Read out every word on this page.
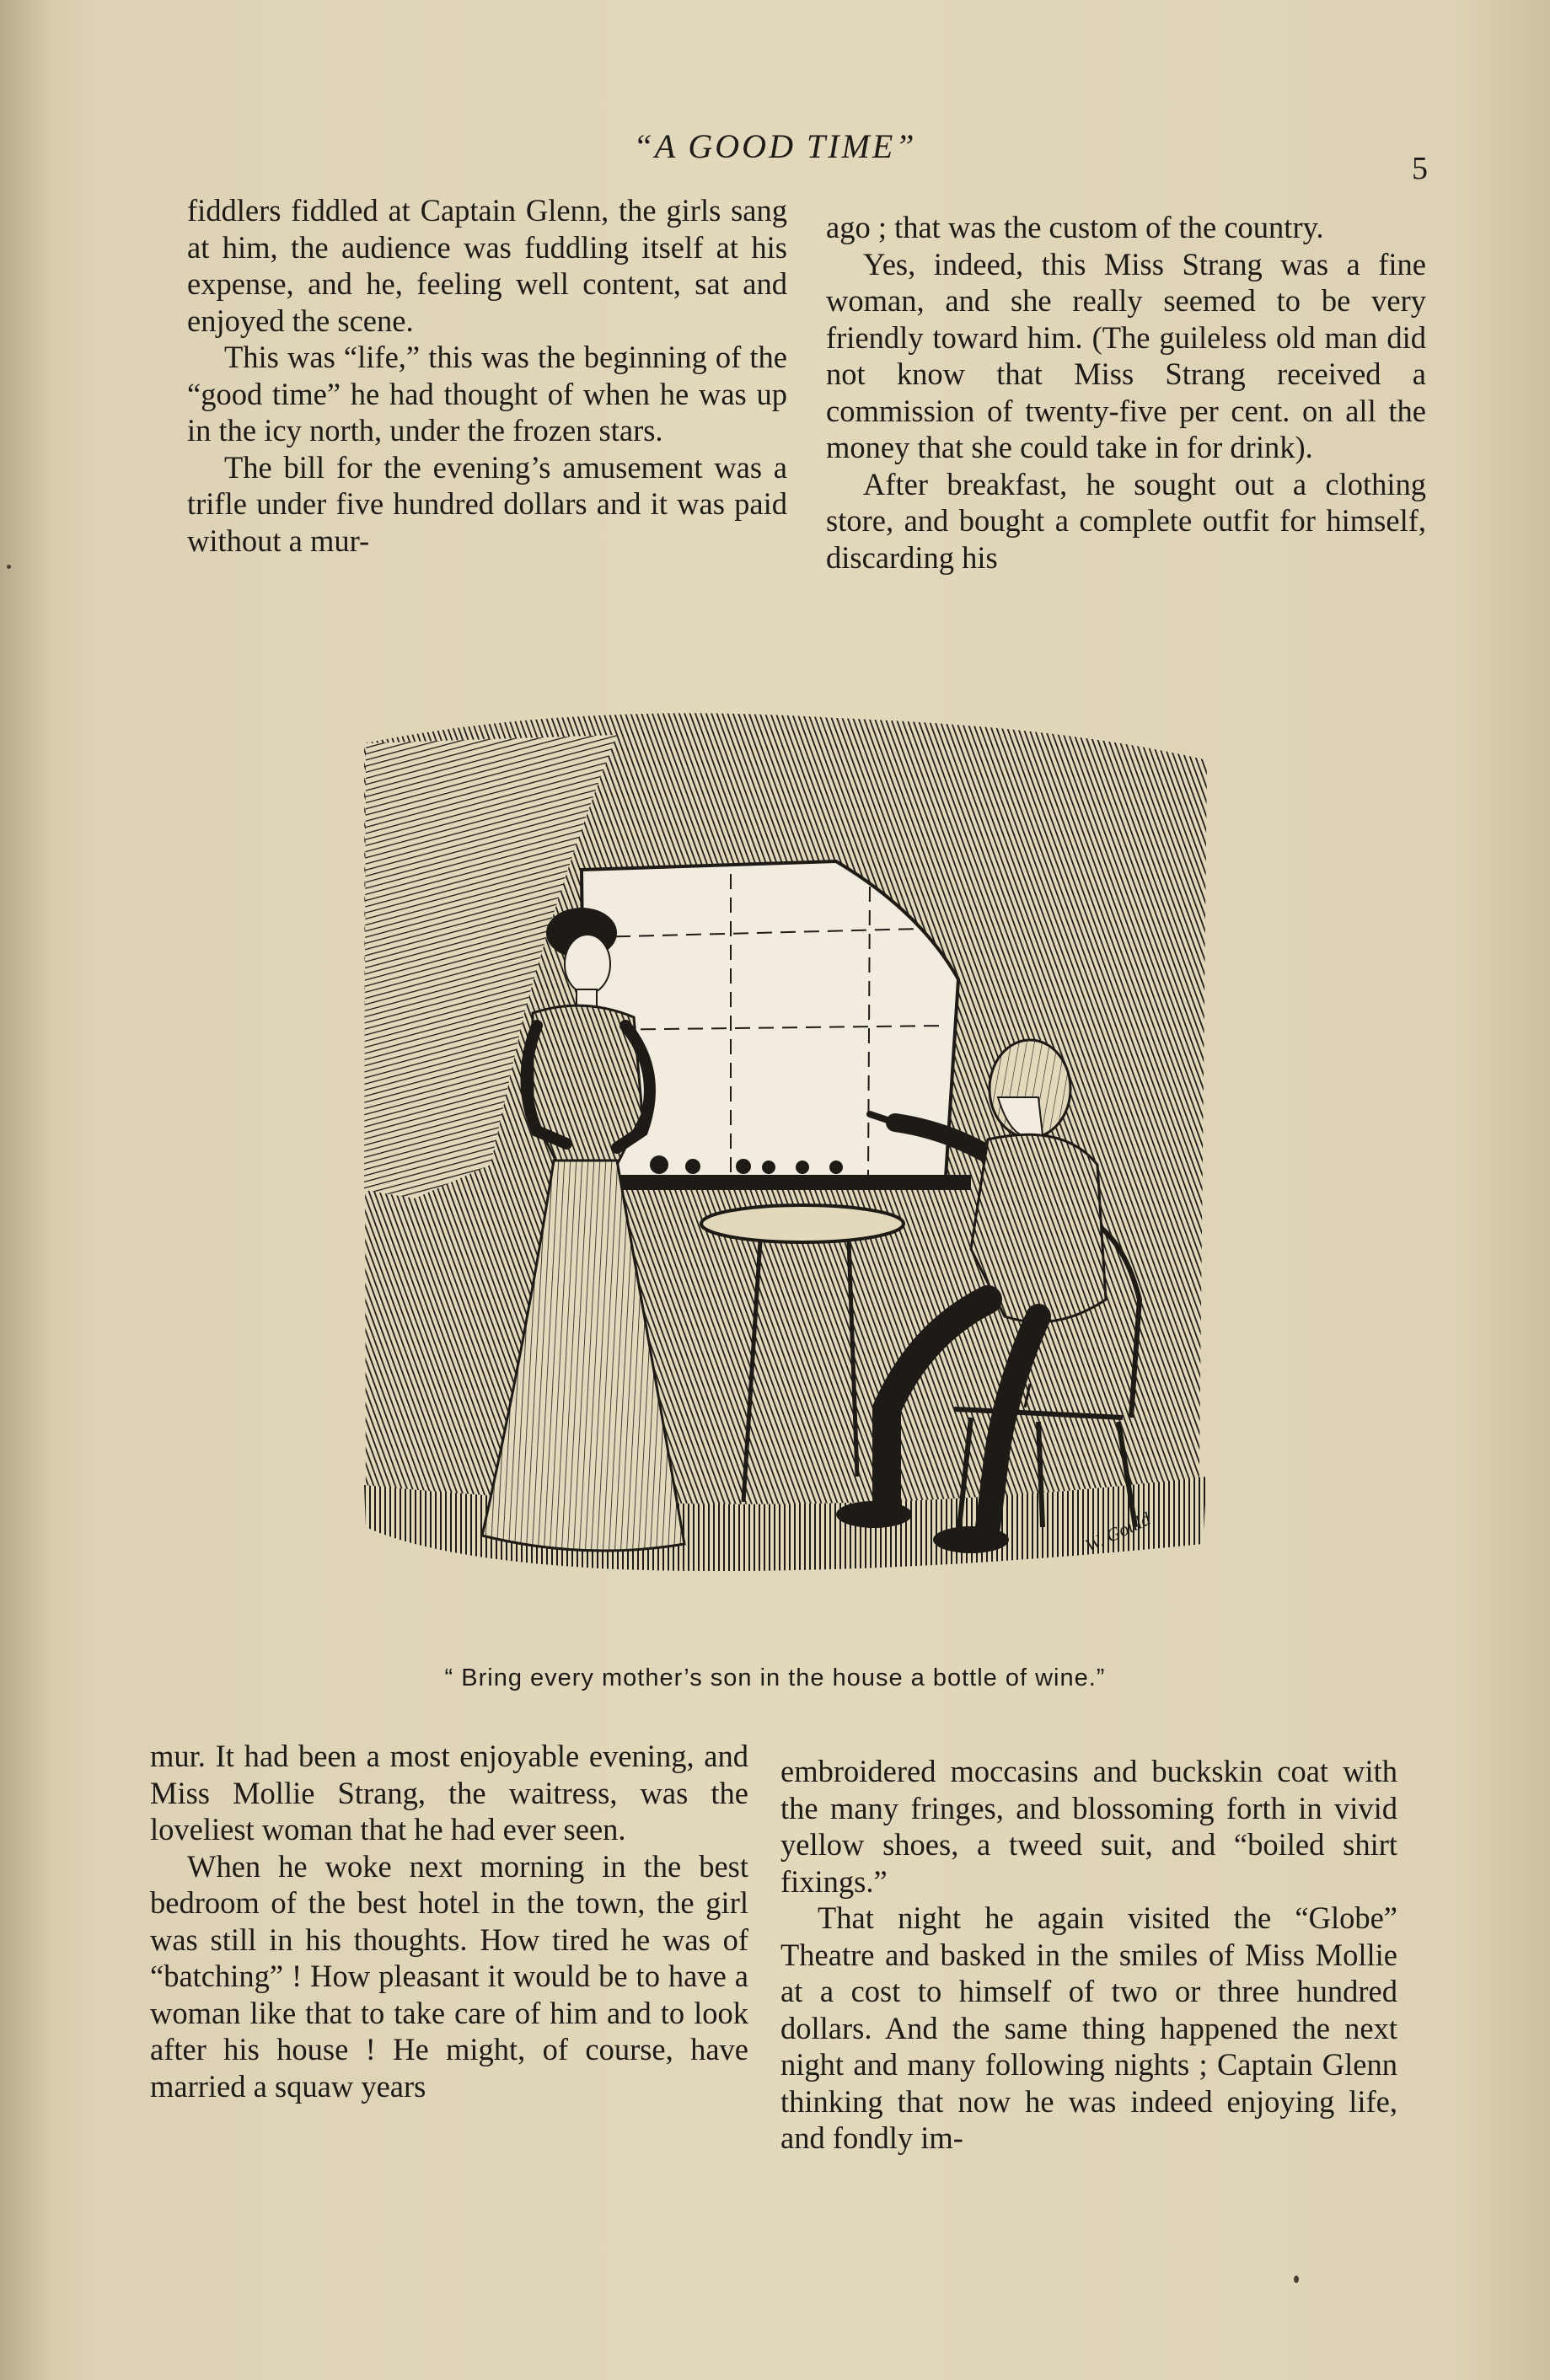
“A GOOD TIME”
5

fiddlers fiddled at Captain Glenn, the girls sang at him, the audience was fuddling itself at his expense, and he, feeling well content, sat and enjoyed the scene.

This was “life,” this was the beginning of the “good time” he had thought of when he was up in the icy north, under the frozen stars.

The bill for the evening’s amusement was a trifle under five hundred dollars and it was paid without a mur-

ago ; that was the custom of the country.

Yes, indeed, this Miss Strang was a fine woman, and she really seemed to be very friendly toward him. (The guileless old man did not know that Miss Strang received a commission of twenty-five per cent. on all the money that she could take in for drink).

After breakfast, he sought out a clothing store, and bought a complete outfit for himself, discarding his

W. Gould
“ Bring every mother’s son in the house a bottle of wine.”

mur. It had been a most enjoyable evening, and Miss Mollie Strang, the waitress, was the loveliest woman that he had ever seen.

When he woke next morning in the best bedroom of the best hotel in the town, the girl was still in his thoughts. How tired he was of “batching” ! How pleasant it would be to have a woman like that to take care of him and to look after his house ! He might, of course, have married a squaw years

embroidered moccasins and buckskin coat with the many fringes, and blossoming forth in vivid yellow shoes, a tweed suit, and “boiled shirt fixings.”

That night he again visited the “Globe” Theatre and basked in the smiles of Miss Mollie at a cost to himself of two or three hundred dollars. And the same thing happened the next night and many following nights ; Captain Glenn thinking that now he was indeed enjoying life, and fondly im-
